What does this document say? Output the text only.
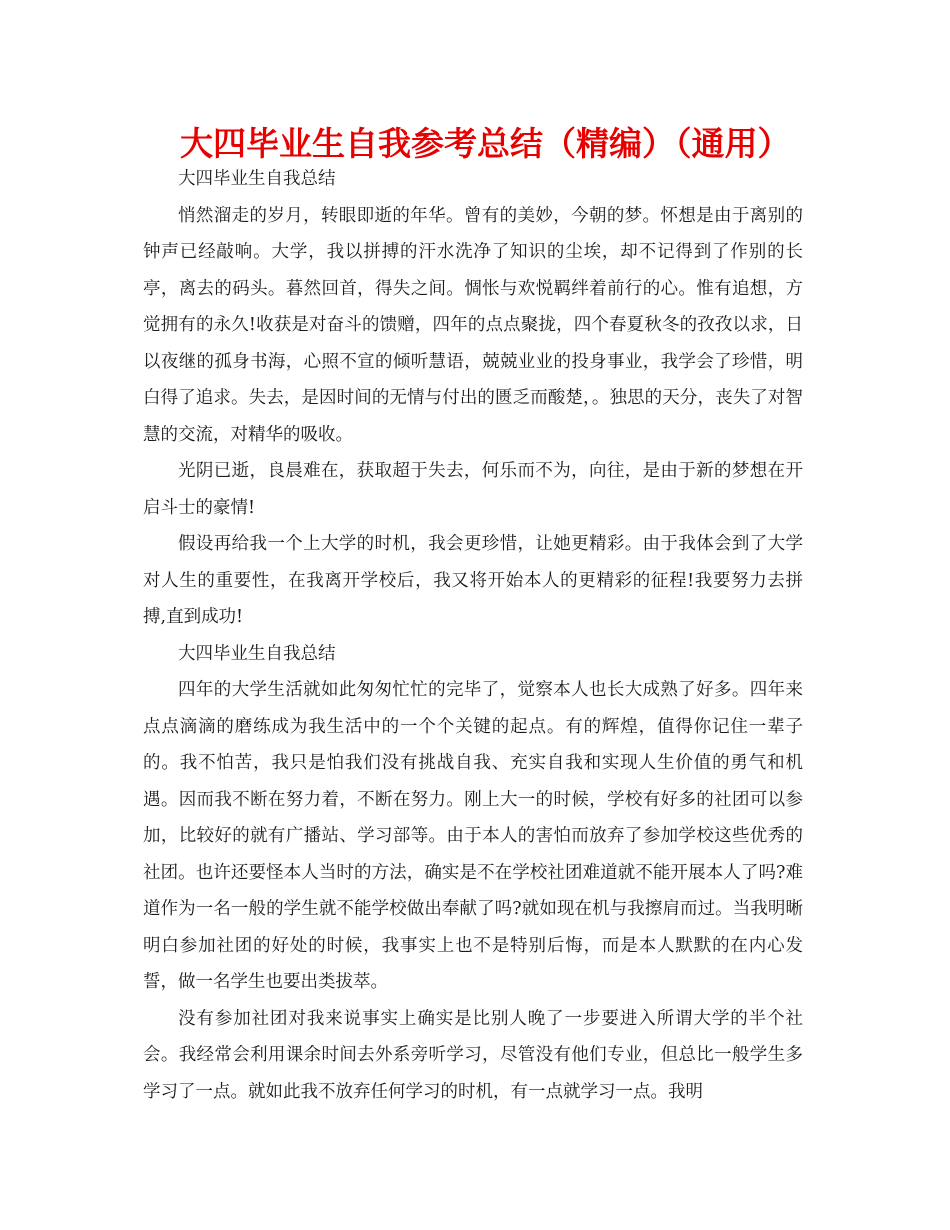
大四毕业生自我参考总结（精编）（通用）

大四毕业生自我总结

悄然溜走的岁月，转眼即逝的年华。曾有的美妙，今朝的梦。怀想是由于离别的钟声已经敲响。大学，我以拼搏的汗水洗净了知识的尘埃，却不记得到了作别的长亭，离去的码头。暮然回首，得失之间。惆怅与欢悦羁绊着前行的心。惟有追想，方觉拥有的永久!收获是对奋斗的馈赠，四年的点点聚拢，四个春夏秋冬的孜孜以求，日以夜继的孤身书海，心照不宣的倾听慧语，兢兢业业的投身事业，我学会了珍惜，明白得了追求。失去，是因时间的无情与付出的匮乏而酸楚，。独思的天分，丧失了对智慧的交流，对精华的吸收。

光阴已逝，良晨难在，获取超于失去，何乐而不为，向往，是由于新的梦想在开启斗士的豪情!

假设再给我一个上大学的时机，我会更珍惜，让她更精彩。由于我体会到了大学对人生的重要性，在我离开学校后，我又将开始本人的更精彩的征程!我要努力去拼搏,直到成功!

大四毕业生自我总结

四年的大学生活就如此匆匆忙忙的完毕了，觉察本人也长大成熟了好多。四年来点点滴滴的磨练成为我生活中的一个个关键的起点。有的辉煌，值得你记住一辈子的。我不怕苦，我只是怕我们没有挑战自我、充实自我和实现人生价值的勇气和机遇。因而我不断在努力着，不断在努力。刚上大一的时候，学校有好多的社团可以参加，比较好的就有广播站、学习部等。由于本人的害怕而放弃了参加学校这些优秀的社团。也许还要怪本人当时的方法，确实是不在学校社团难道就不能开展本人了吗?难道作为一名一般的学生就不能学校做出奉献了吗?就如现在机与我擦肩而过。当我明晰明白参加社团的好处的时候，我事实上也不是特别后悔，而是本人默默的在内心发誓，做一名学生也要出类拔萃。

没有参加社团对我来说事实上确实是比别人晚了一步要进入所谓大学的半个社会。我经常会利用课余时间去外系旁听学习，尽管没有他们专业，但总比一般学生多学习了一点。就如此我不放弃任何学习的时机，有一点就学习一点。我明
